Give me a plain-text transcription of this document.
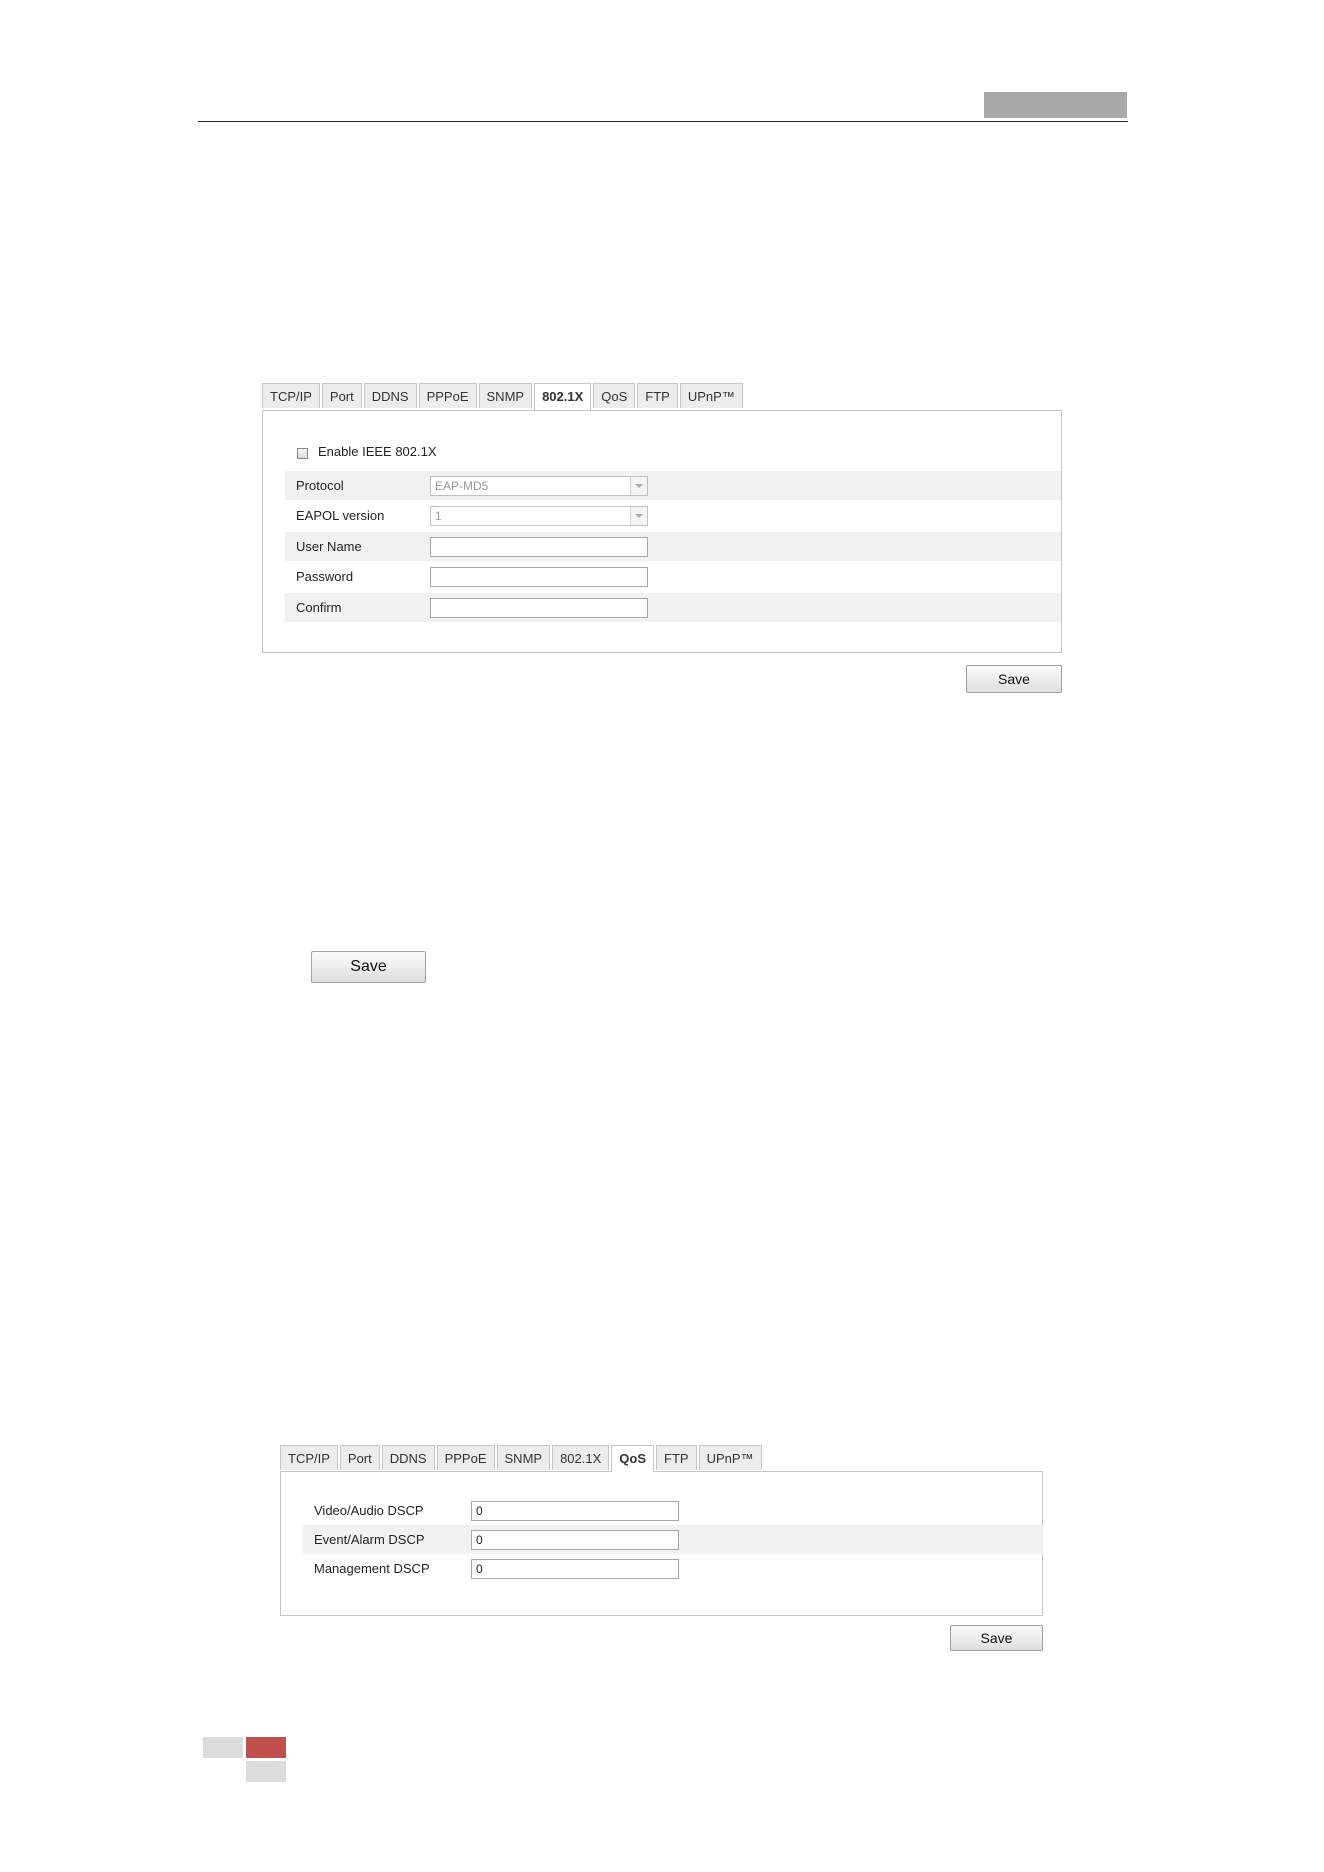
TCP/IP	Port	DDNS	PPPoE	SNMP	802.1X	QoS	FTP	UPnP™
Enable IEEE 802.1X
Protocol	EAP-MD5
EAPOL version	1
User Name
Password
Confirm
Save
Save
TCP/IP	Port	DDNS	PPPoE	SNMP	802.1X	QoS	FTP	UPnP™
Video/Audio DSCP	0
Event/Alarm DSCP	0
Management DSCP	0
Save
